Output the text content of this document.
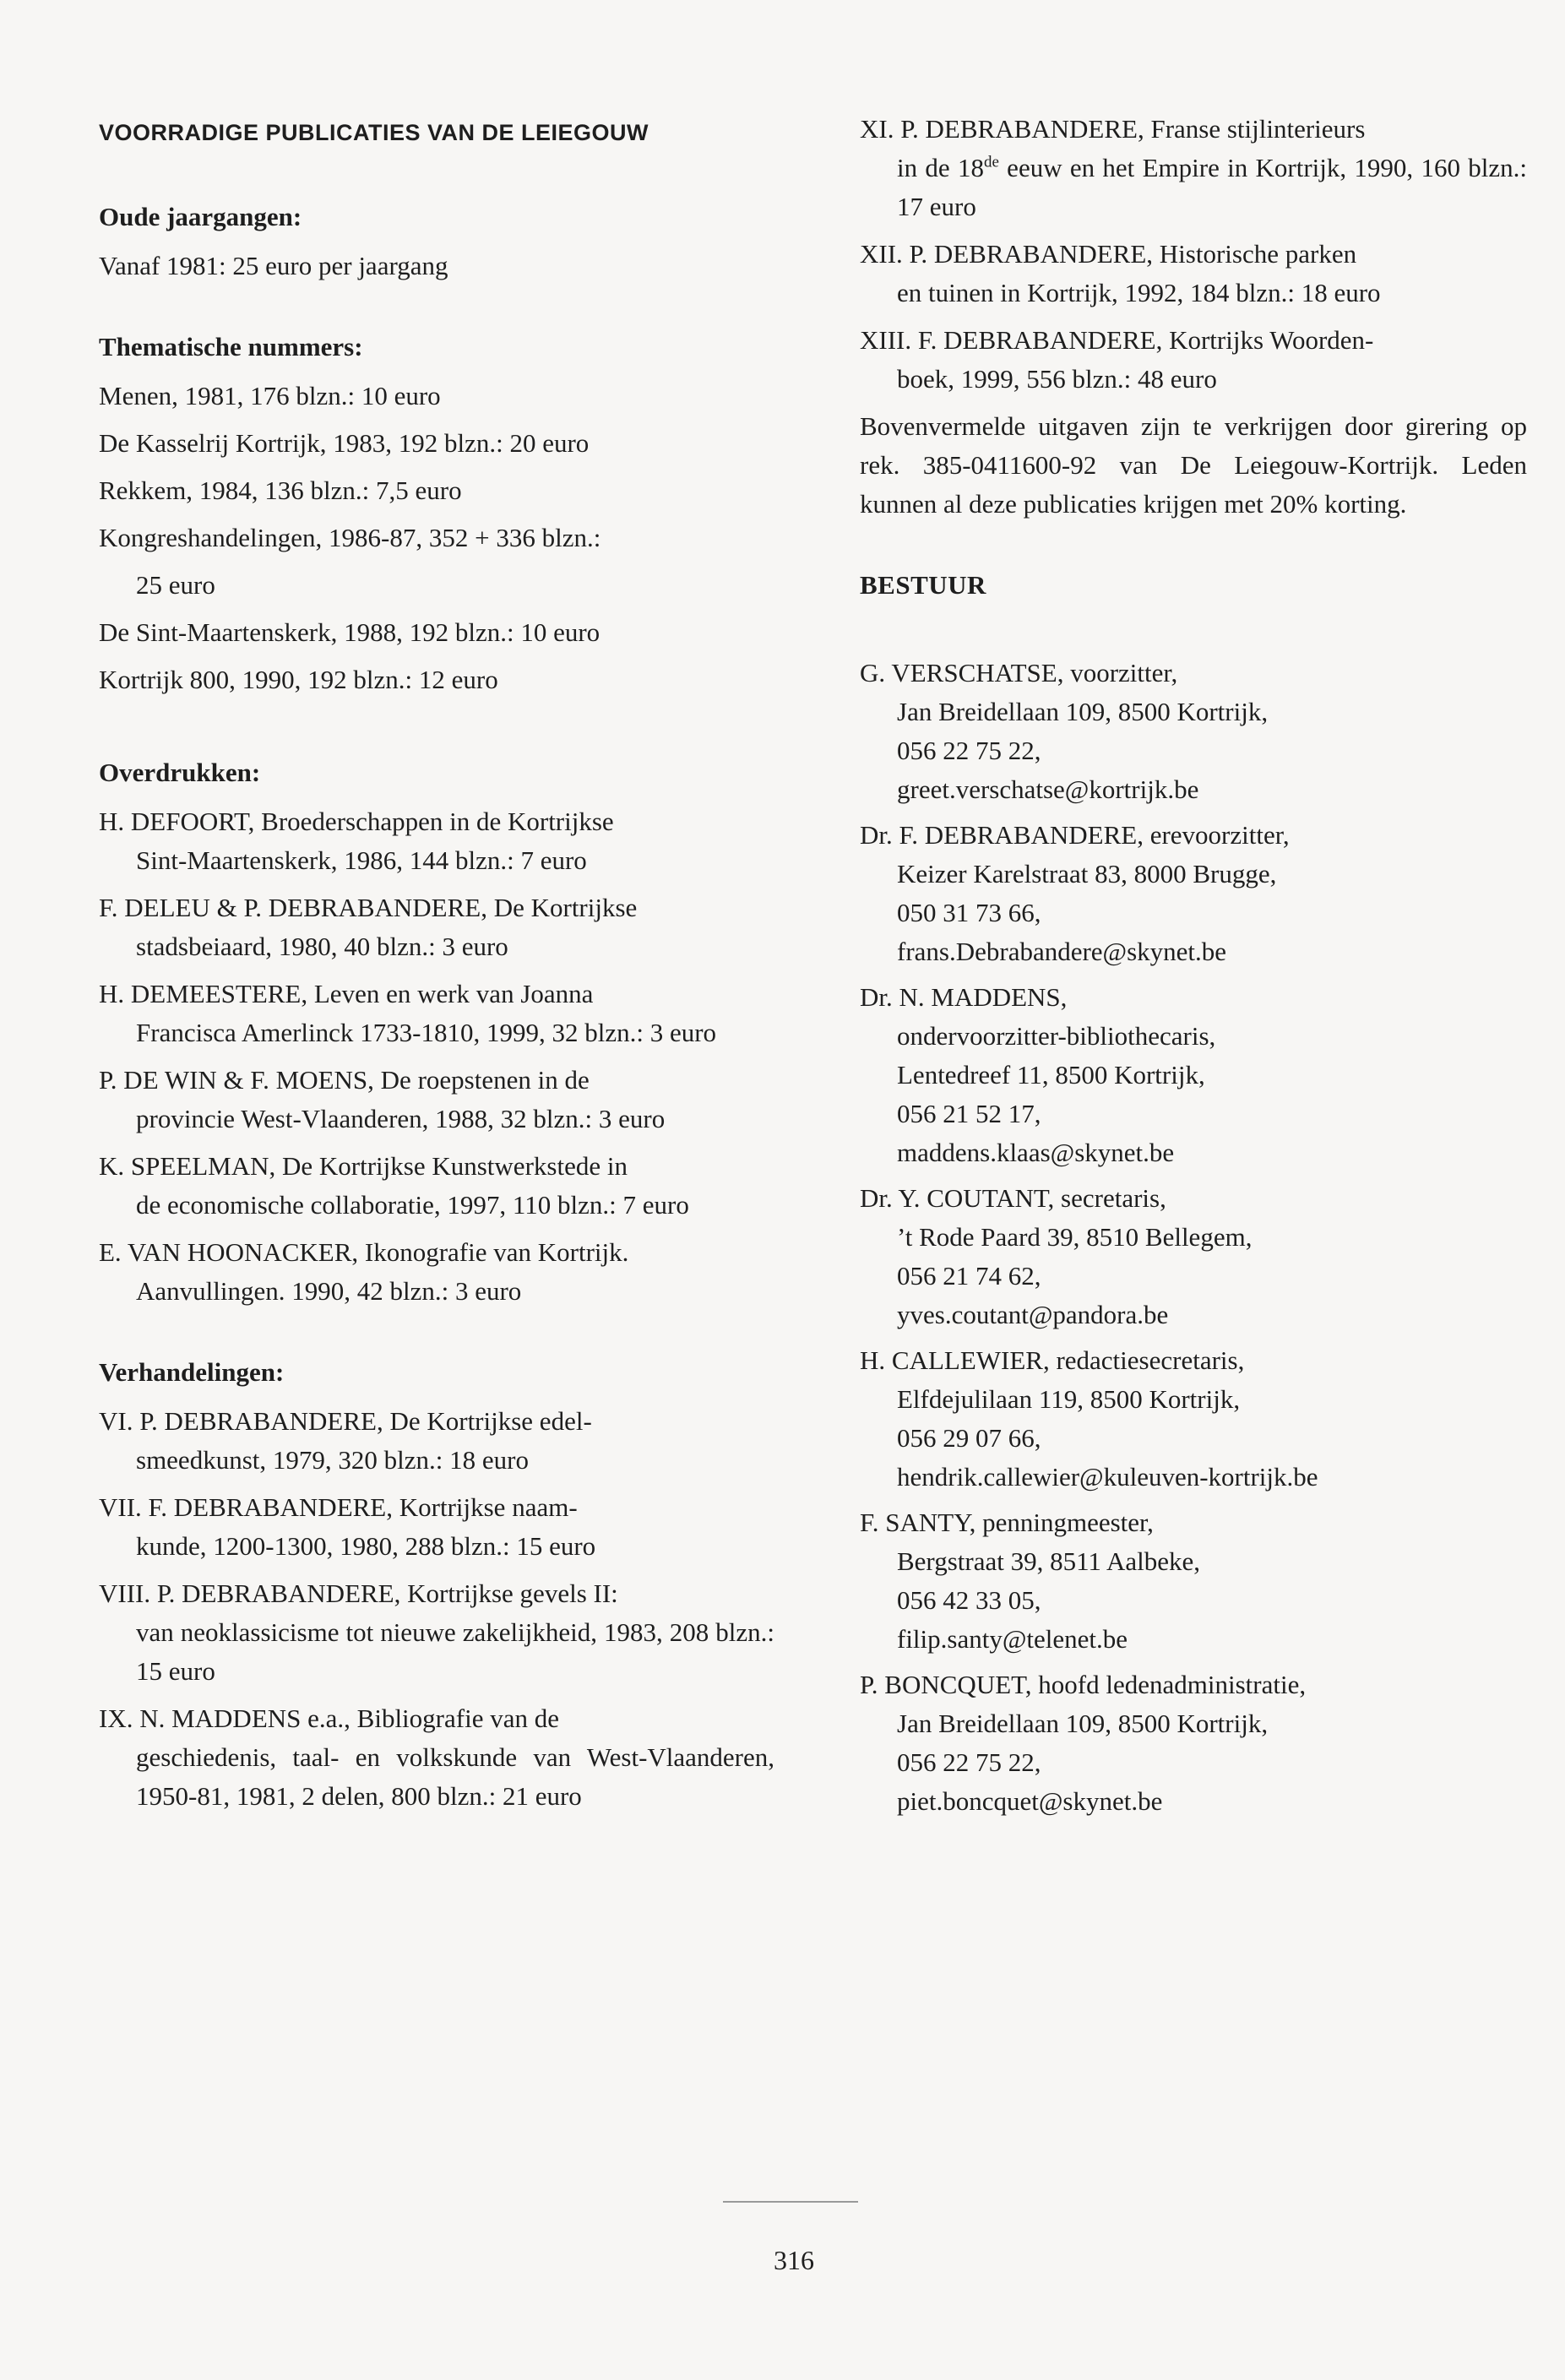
VOORRADIGE PUBLICATIES VAN DE LEIEGOUW
Oude jaargangen:
Vanaf 1981: 25 euro per jaargang
Thematische nummers:
Menen, 1981, 176 blzn.: 10 euro
De Kasselrij Kortrijk, 1983, 192 blzn.: 20 euro
Rekkem, 1984, 136 blzn.: 7,5 euro
Kongreshandelingen, 1986-87, 352 + 336 blzn.:
25 euro
De Sint-Maartenskerk, 1988, 192 blzn.: 10 euro
Kortrijk 800, 1990, 192 blzn.: 12 euro
Overdrukken:
H. DEFOORT, Broederschappen in de Kortrijkse
Sint-Maartenskerk, 1986, 144 blzn.: 7 euro
F. DELEU & P. DEBRABANDERE, De Kortrijkse
stadsbeiaard, 1980, 40 blzn.: 3 euro
H. DEMEESTERE, Leven en werk van Joanna
Francisca Amerlinck 1733-1810, 1999, 32 blzn.: 3 euro
P. DE WIN & F. MOENS, De roepstenen in de
provincie West-Vlaanderen, 1988, 32 blzn.: 3 euro
K. SPEELMAN, De Kortrijkse Kunstwerkstede in
de economische collaboratie, 1997, 110 blzn.: 7 euro
E. VAN HOONACKER, Ikonografie van Kortrijk.
Aanvullingen. 1990, 42 blzn.: 3 euro
Verhandelingen:
VI. P. DEBRABANDERE, De Kortrijkse edel-
smeedkunst, 1979, 320 blzn.: 18 euro
VII. F. DEBRABANDERE, Kortrijkse naam-
kunde, 1200-1300, 1980, 288 blzn.: 15 euro
VIII. P. DEBRABANDERE, Kortrijkse gevels II:
van neoklassicisme tot nieuwe zakelijkheid, 1983, 208 blzn.: 15 euro
IX. N. MADDENS e.a., Bibliografie van de
geschiedenis, taal- en volkskunde van West-Vlaanderen, 1950-81, 1981, 2 delen, 800 blzn.: 21 euro
XI. P. DEBRABANDERE, Franse stijlinterieurs
in de 18de eeuw en het Empire in Kortrijk, 1990, 160 blzn.: 17 euro
XII. P. DEBRABANDERE, Historische parken
en tuinen in Kortrijk, 1992, 184 blzn.: 18 euro
XIII. F. DEBRABANDERE, Kortrijks Woorden-
boek, 1999, 556 blzn.: 48 euro
Bovenvermelde uitgaven zijn te verkrijgen door girering op rek. 385-0411600-92 van De Leiegouw-Kortrijk. Leden kunnen al deze publicaties krijgen met 20% korting.
BESTUUR
G. VERSCHATSE, voorzitter,
Jan Breidellaan 109, 8500 Kortrijk,
056 22 75 22,
greet.verschatse@kortrijk.be
Dr. F. DEBRABANDERE, erevoorzitter,
Keizer Karelstraat 83, 8000 Brugge,
050 31 73 66,
frans.Debrabandere@skynet.be
Dr. N. MADDENS,
ondervoorzitter-bibliothecaris,
Lentedreef 11, 8500 Kortrijk,
056 21 52 17,
maddens.klaas@skynet.be
Dr. Y. COUTANT, secretaris,
’t Rode Paard 39, 8510 Bellegem,
056 21 74 62,
yves.coutant@pandora.be
H. CALLEWIER, redactiesecretaris,
Elfdejulilaan 119, 8500 Kortrijk,
056 29 07 66,
hendrik.callewier@kuleuven-kortrijk.be
F. SANTY, penningmeester,
Bergstraat 39, 8511 Aalbeke,
056 42 33 05,
filip.santy@telenet.be
P. BONCQUET, hoofd ledenadministratie,
Jan Breidellaan 109, 8500 Kortrijk,
056 22 75 22,
piet.boncquet@skynet.be
316
